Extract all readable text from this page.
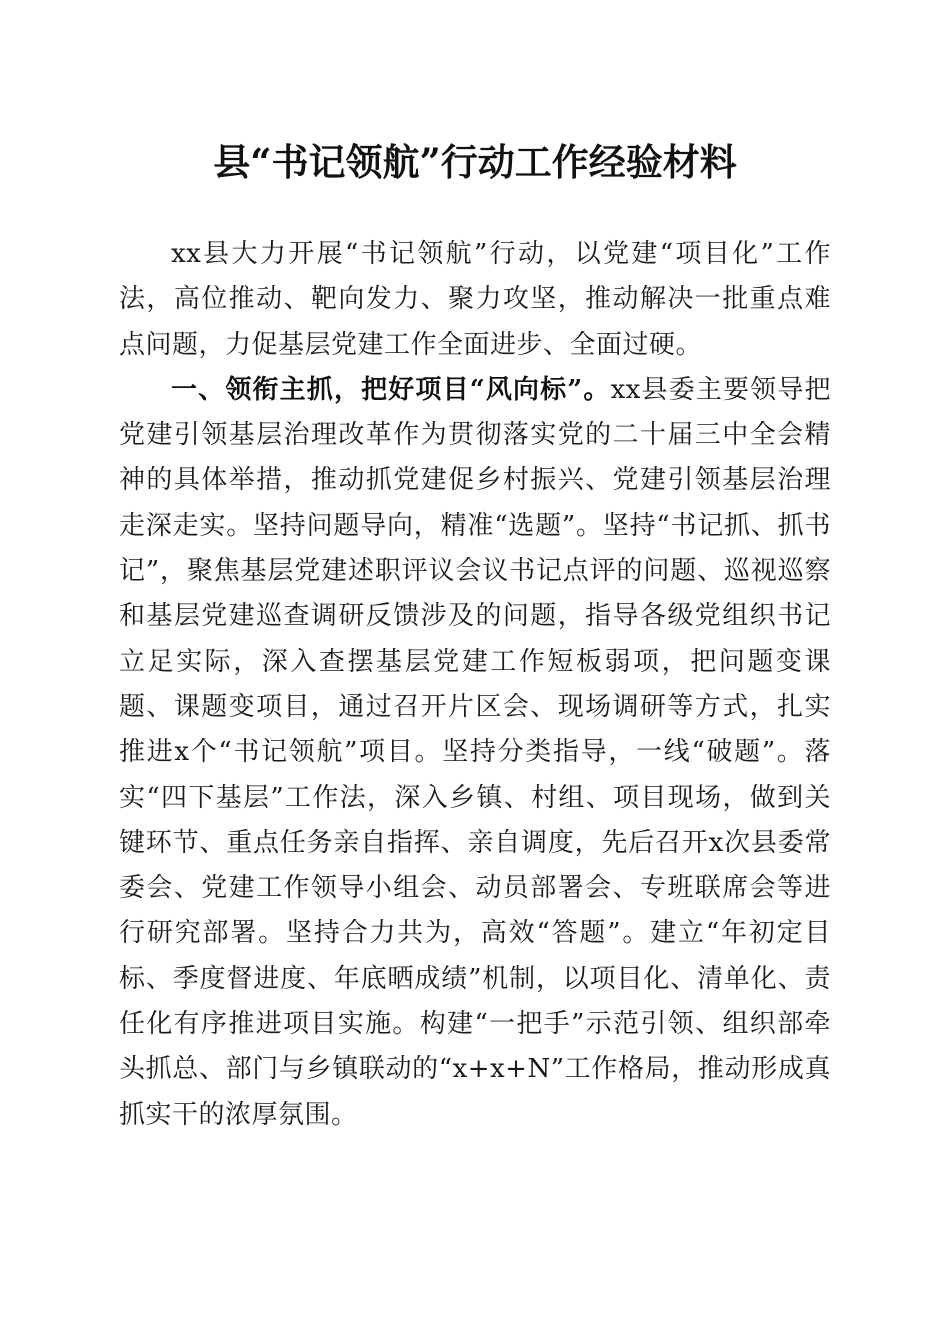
县“书记领航”行动工作经验材料

xx县大力开展“书记领航”行动，以党建“项目化”工作法，高位推动、靶向发力、聚力攻坚，推动解决一批重点难点问题，力促基层党建工作全面进步、全面过硬。

一、领衔主抓，把好项目“风向标”。xx县委主要领导把党建引领基层治理改革作为贯彻落实党的二十届三中全会精神的具体举措，推动抓党建促乡村振兴、党建引领基层治理走深走实。坚持问题导向，精准“选题”。坚持“书记抓、抓书记”，聚焦基层党建述职评议会议书记点评的问题、巡视巡察和基层党建巡查调研反馈涉及的问题，指导各级党组织书记立足实际，深入查摆基层党建工作短板弱项，把问题变课题、课题变项目，通过召开片区会、现场调研等方式，扎实推进x个“书记领航”项目。坚持分类指导，一线“破题”。落实“四下基层”工作法，深入乡镇、村组、项目现场，做到关键环节、重点任务亲自指挥、亲自调度，先后召开x次县委常委会、党建工作领导小组会、动员部署会、专班联席会等进行研究部署。坚持合力共为，高效“答题”。建立“年初定目标、季度督进度、年底晒成绩”机制，以项目化、清单化、责任化有序推进项目实施。构建“一把手”示范引领、组织部牵头抓总、部门与乡镇联动的“x+x+N”工作格局，推动形成真抓实干的浓厚氛围。
